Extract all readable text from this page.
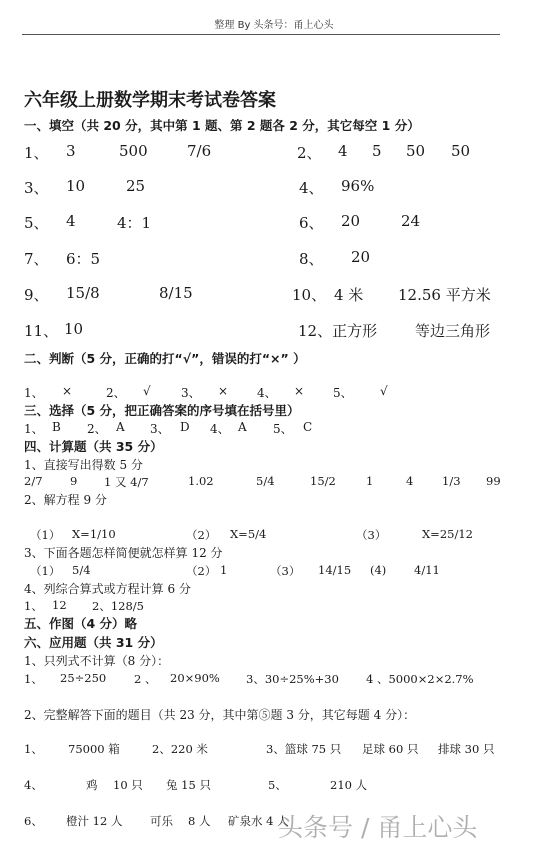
整理 By 头条号：甬上心头
六年级上册数学期末考试卷答案
一、填空（共 20 分，其中第 1 题、第 2 题各 2 分，其它每空 1 分）
1、 3	500	7/6	2、 4 5 50 50
3、 10	25	4、 96%
5、 4	4：1	6、 20	24
7、 6：5	8、 20
9、 15/8	8/15	10、 4 米 12.56 平方米
11、 10	12、正方形	等边三角形
二、判断（5 分，正确的打“√”，错误的打“×” ）
1、 ×	2、 √	3、 × 4、 × 5、 √
三、选择（5 分，把正确答案的序号填在括号里）
1、 B 2、 A 3、 D 4、 A 5、 C
四、计算题（共 35 分）
1、直接写出得数 5 分
2/7 9 1 又 4/7	1.02	5/4	15/2	1	4 1/3 99
2、解方程 9 分
（1） X=1/10	（2） X=5/4	（3）	X=25/12
3、下面各题怎样简便就怎样算 12 分
（1） 5/4	（2） 1	（3） 14/15 (4) 4/11
4、列综合算式或方程计算 6 分
1、 12 2、128/5
五、作图（4 分）略
六、应用题（共 31 分）
1、只列式不计算（8 分）：
1、 25÷250 2 、 20×90% 3、30÷25%+30 4 、5000×2×2.7%
2、完整解答下面的题目（共 23 分，其中第⑤题 3 分，其它每题 4 分）：
1、 75000 箱	2、220 米	3、篮球 75 只 足球 60 只 排球 30 只
4、	鸡 10 只 兔 15 只	5、	210 人
6、 橙汁 12 人 可乐 8 人 矿泉水 4 人
头条号 / 甬上心头
